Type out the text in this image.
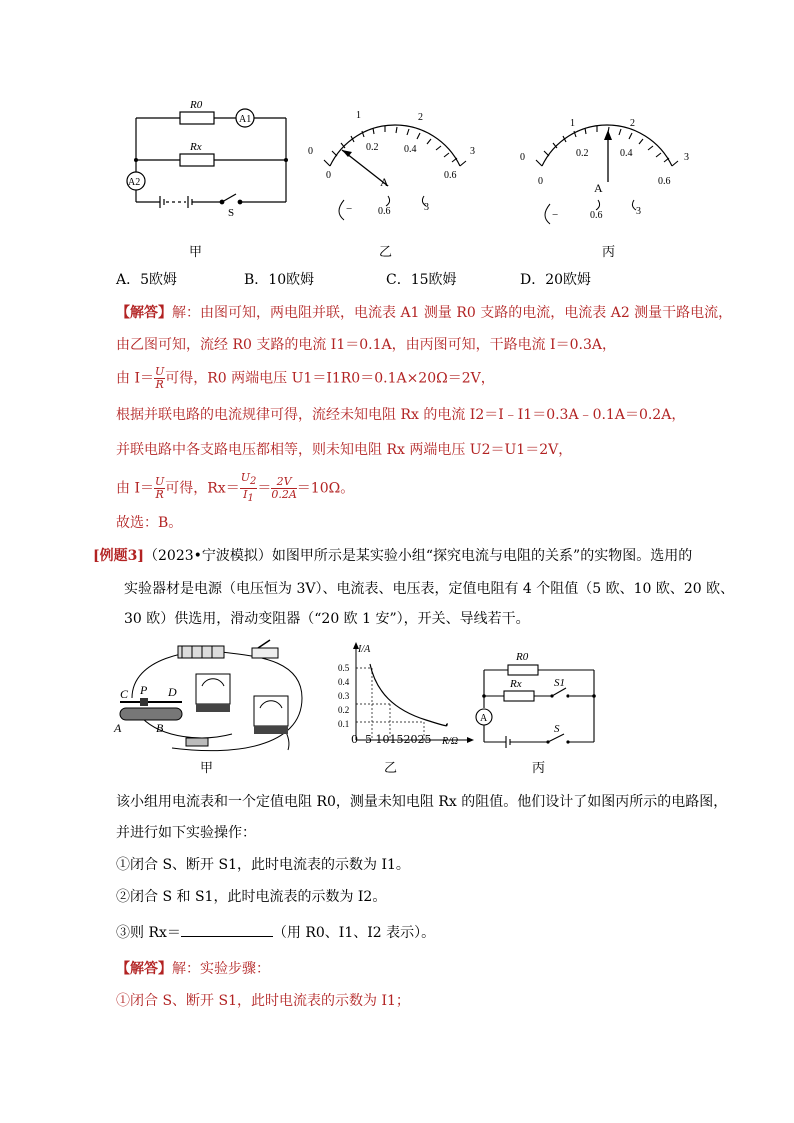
R0
Rx
A1
A2
S
甲
0
1	2
3
0
0.2	0.4
0.6
A
−	0.6	3
乙
0
1	2
3
0
0.2	0.4
0.6
A
−	0.6	3
丙
A．5欧姆	B．10欧姆	C．15欧姆	D．20欧姆
【解答】解：由图可知，两电阻并联，电流表 A1 测量 R0 支路的电流，电流表 A2 测量干路电流，
由乙图可知，流经 R0 支路的电流 I1＝0.1A，由丙图可知，干路电流 I＝0.3A，
由 $I= \frac{U}{R}$ 可得，R0 两端电压 U1＝I1R0＝0.1A×20Ω＝2V，
根据并联电路的电流规律可得，流经未知电阻 Rx 的电流 I2＝I﹣I1＝0.3A﹣0.1A＝0.2A，
并联电路中各支路电压都相等，则未知电阻 Rx 两端电压 U2＝U1＝2V，
由 $I= \frac{U}{R}$ 可得，$Rx= \frac{U_2}{I_1} = \frac{2V}{0.2A} =10\Omega$。
故选：B。
[例题3]（2023•宁波模拟）如图甲所示是某实验小组“探究电流与电阻的关系”的实物图。选用的
实验器材是电源（电压恒为 3V）、电流表、电压表，定值电阻有 4 个阻值（5 欧、10 欧、20 欧、
30 欧）供选用，滑动变阻器（“20 欧 1 安”），开关、导线若干。
C P D
A	B
甲
I/A
R/Ω
0.5
0.4
0.3
0.2
0.1
0 5 10152025
乙
R0
Rx	S1
S
A
丙
该小组用电流表和一个定值电阻 R0，测量未知电阻 Rx 的阻值。他们设计了如图丙所示的电路图，
并进行如下实验操作：
①闭合 S、断开 S1，此时电流表的示数为 I1。
②闭合 S 和 S1，此时电流表的示数为 I2。
③则 Rx＝	（用 R0、I1、I2 表示）。
【解答】解：实验步骤：
①闭合 S、断开 S1，此时电流表的示数为 I1；
